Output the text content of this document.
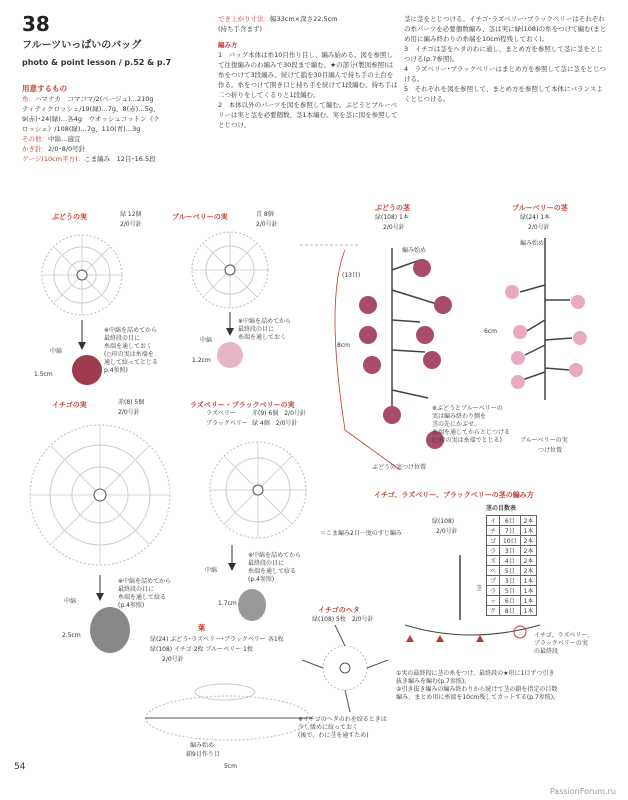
38
フルーツいっぱいのバッグ
photo & point lesson / p.52 & p.7
用意するもの
糸：ハマナカ　コマコマ/2(ベージュ)…210g
ティティクロッシェ/19(緑)…7g、8(赤)…5g、
9(赤)･24(緑)…各4g　ウオッシュコットン《ク
ロッシェ》/108(緑)…7g、110(青)…3g
その他：中綿…適宜
かぎ針：2/0･8/0号針
ゲージ(10cm平方)：こま編み　12目･16.5段
でき上がり寸法：幅33cm×深さ22.5cm
(持ち手含まず)
編み方
1　バッグ本体は糸10目作り目し、編み始める。図を参照して往復編みのわ編みで30段まで編む。★の部分(製図参照)は糸をつけて3段編み、続けて鎖を30目編んで持ち手の土台を作る。糸をつけて開き口と持ち手を続けて1段編む。持ち手は二つ折りをしてくるりと1段編む。
2　本体以外のパーツを図を参照して編む。ぶどうとブルーベリーは実と茎を必要個数、茎1本編む。実を茎に図を参照してとじつけ、
茎に茎をとじつける。イチゴ･ラズベリー･ブラックベリーはそれぞれの糸パーツを必要個数編み、茎は実に緑(108)の糸をつけて編む(まとめ用に編み終わりの糸端を10cm程残しておく)。
3　イチゴは茎をヘタのわに通し、まとめ方を参照して茎に茎をとじつける(p.7参照)。
4　ラズベリー･ブラックベリーはまとめ方を参照して茎に茎をとじつける。
5　それぞれを図を参照して、まとめ方を参照して本体にバランスよくとじつける。
ぶどうの実	緑 12個
2/0号針
※中綿を詰めてから
最終段の目に
糸端を通しておく
(○印の実は糸端を
通して絞ってとじる
p.4参照)
中綿
1.5cm
ブルーベリーの実	青 8個
2/0号針
※中綿を詰めてから
最終段の目に
糸端を通しておく
中綿
1.2cm
イチゴの実	赤(8) 5個
2/0号針
※中綿を詰めてから
最終段の目に
糸端を通して絞る
(p.4参照)
中綿
2.5cm
ラズベリー・ブラックベリーの実
ラズベリー	赤(9) 6個　2/0号針
ブラックベリー 緑 4個　2/0号針
※中綿を詰めてから
最終段の目に
糸端を通して絞る
(p.4参照)
中綿
1.7cm
ぶどうの茎
緑(108) 1本
2/0号針
編み始め
(13目)
8cm
ぶどうの実つけ位置
※ぶどうとブルーベリーの
実は編み終わり側を
茎の先にかぶせ、
糸端を通してからとじつける
(○印の実は糸端でとじる)
ブルーベリーの茎
緑(24) 1本
2/0号針
編み始め
6cm
ブルーベリーの実
つけ位置
イチゴ、ラズベリー、ブラックベリーの茎の編み方
＝こま編み2目一度のすじ編み
緑(108)
2/0号針
茎
イチゴ、ラズベリー、
ブラックベリーの実
の最終段
①実の最終段に茎の糸をつけ、最終段の★印に1目ずつ引き
抜き編みを編む(p.7参照)。
②引き抜き編みの編み終わりから続けて茎の鎖を指定の目数
編み、まとめ用に糸端を10cm残してカットする(p.7参照)。
茎の目数表
イ	6目	2本
チ	7目	1本
ゴ	10目	2本
ラ	3目	2本
ズ	4目	2本
ベ	5目	2本
ブ	3目	1本
ラ	5目	1本
ッ	6目	1本
ク	8目	1本
葉
緑(24) ぶどう･ラズベリー･ブラックベリー 各1枚
緑(108) イチゴ 2枚 ブルーベリー 1枚
2/0号針
編み始め
鎖9目作り目
5cm
イチゴのヘタ
緑(108) 5枚　2/0号針
※イチゴのヘタのわを絞るときは
少し緩めに絞っておく
(後で、わに茎を通すため)
54
PassionForum.ru
